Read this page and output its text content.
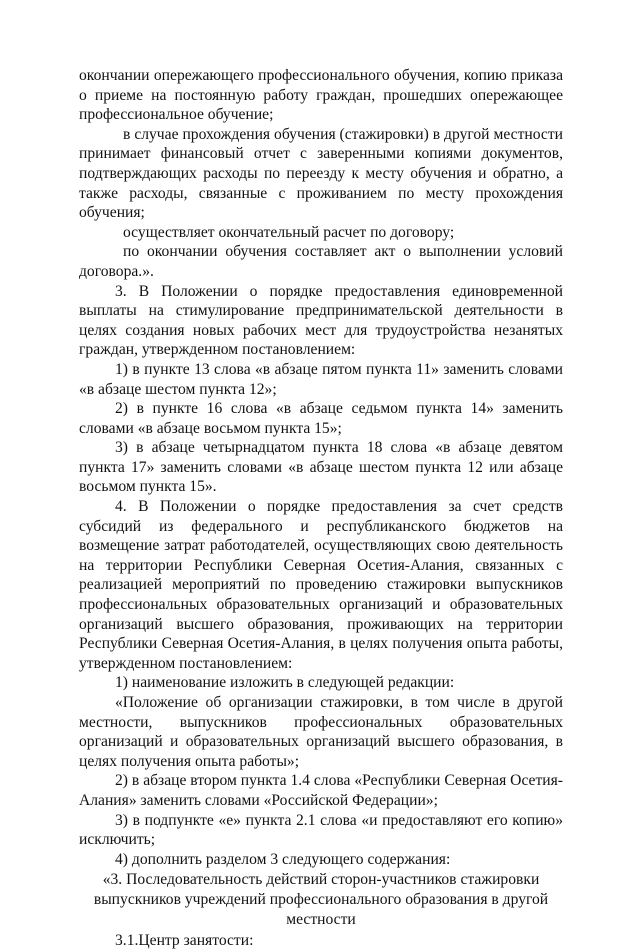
окончании опережающего профессионального обучения, копию приказа о приеме на постоянную работу граждан, прошедших опережающее профессиональное обучение;

в случае прохождения обучения (стажировки) в другой местности принимает финансовый отчет с заверенными копиями документов, подтверждающих расходы по переезду к месту обучения и обратно, а также расходы, связанные с проживанием по месту прохождения обучения;

осуществляет окончательный расчет по договору;

по окончании обучения составляет акт о выполнении условий договора.».

3. В Положении о порядке предоставления единовременной выплаты на стимулирование предпринимательской деятельности в целях создания новых рабочих мест для трудоустройства незанятых граждан, утвержденном постановлением:

1) в пункте 13 слова «в абзаце пятом пункта 11» заменить словами «в абзаце шестом пункта 12»;

2) в пункте 16 слова «в абзаце седьмом пункта 14» заменить словами «в абзаце восьмом пункта 15»;

3) в абзаце четырнадцатом пункта 18 слова «в абзаце девятом пункта 17» заменить словами «в абзаце шестом пункта 12 или абзаце восьмом пункта 15».

4. В Положении о порядке предоставления за счет средств субсидий из федерального и республиканского бюджетов на возмещение затрат работодателей, осуществляющих свою деятельность на территории Республики Северная Осетия-Алания, связанных с реализацией мероприятий по проведению стажировки выпускников профессиональных образовательных организаций и образовательных организаций высшего образования, проживающих на территории Республики Северная Осетия-Алания, в целях получения опыта работы, утвержденном постановлением:

1) наименование изложить в следующей редакции:

«Положение об организации стажировки, в том числе в другой местности, выпускников профессиональных образовательных организаций и образовательных организаций высшего образования, в целях получения опыта работы»;

2) в абзаце втором пункта 1.4 слова «Республики Северная Осетия-Алания» заменить словами «Российской Федерации»;

3) в подпункте «е» пункта 2.1 слова «и предоставляют его копию» исключить;

4) дополнить разделом 3 следующего содержания:

«3. Последовательность действий сторон-участников стажировки

выпускников учреждений профессионального образования в другой

местности

3.1.Центр занятости:
